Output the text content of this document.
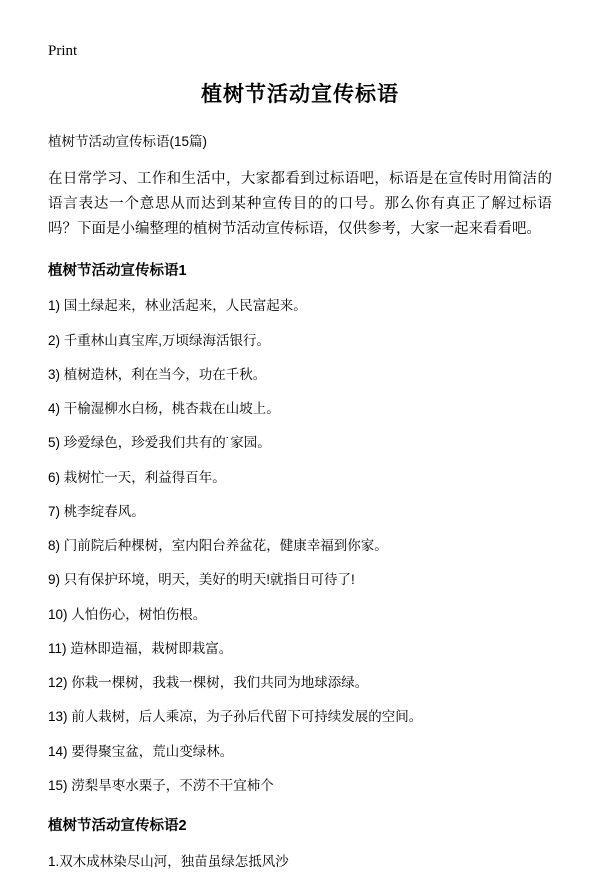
Print
植树节活动宣传标语

植树节活动宣传标语(15篇)

在日常学习、工作和生活中，大家都看到过标语吧，标语是在宣传时用简洁的语言表达一个意思从而达到某种宣传目的的口号。那么你有真正了解过标语吗？下面是小编整理的植树节活动宣传标语，仅供参考，大家一起来看看吧。

植树节活动宣传标语1

1) 国土绿起来，林业活起来，人民富起来。

2) 千重林山真宝库,万顷绿海活银行。

3) 植树造林，利在当今，功在千秋。

4) 干榆湿柳水白杨，桃杏栽在山坡上。

5) 珍爱绿色，珍爱我们共有的˙家园。

6) 栽树忙一天，利益得百年。

7) 桃李绽春风。

8) 门前院后种棵树，室内阳台养盆花，健康幸福到你家。

9) 只有保护环境，明天，美好的明天!就指日可待了!

10) 人怕伤心，树怕伤根。

11) 造林即造福，栽树即栽富。

12) 你栽一棵树，我栽一棵树，我们共同为地球添绿。

13) 前人栽树，后人乘凉，为子孙后代留下可持续发展的空间。

14) 要得聚宝盆，荒山变绿林。

15) 涝梨旱枣水栗子，不涝不干宜柿个

植树节活动宣传标语2

1.双木成林染尽山河，独苗虽绿怎抵风沙
